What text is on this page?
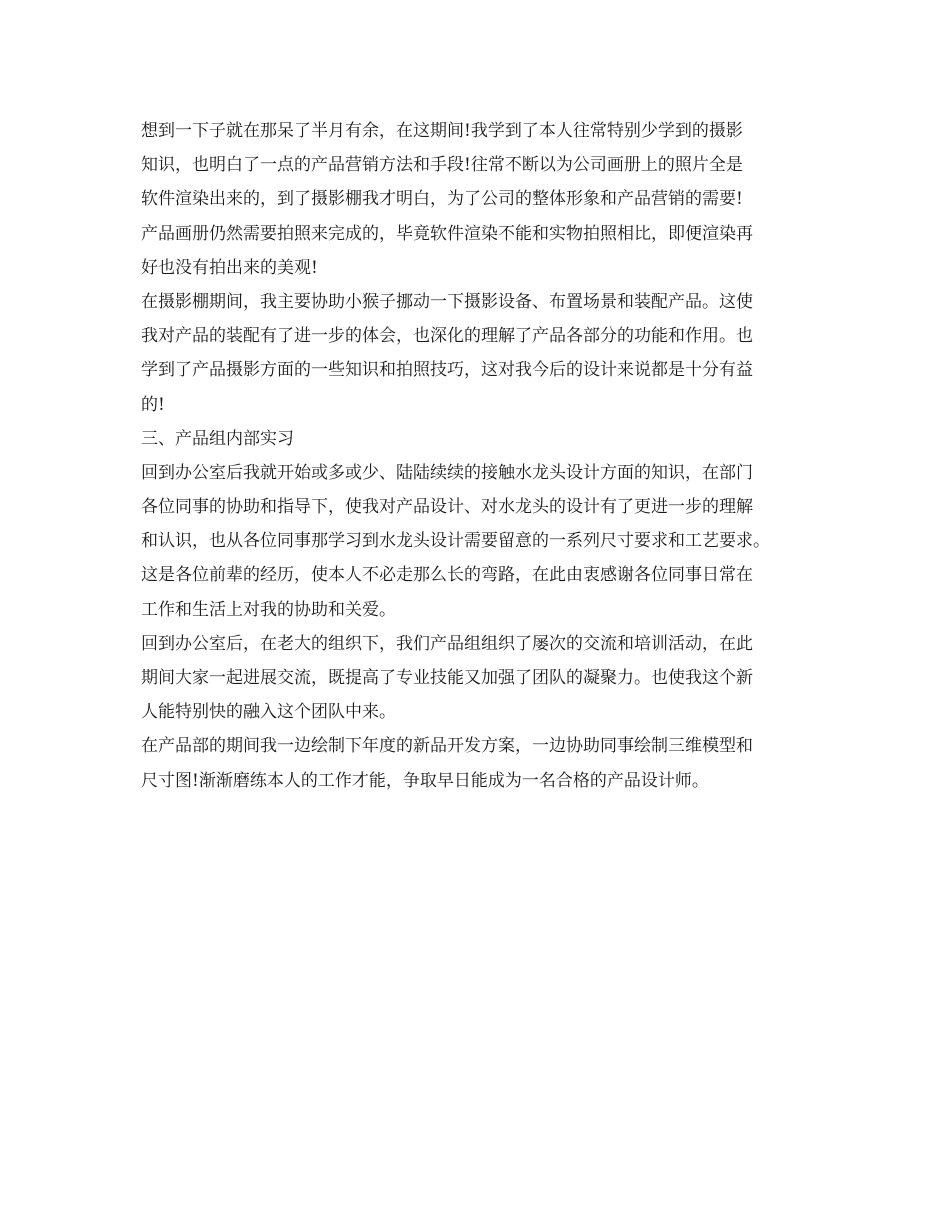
想到一下子就在那呆了半月有余，在这期间!我学到了本人往常特别少学到的摄影

知识，也明白了一点的产品营销方法和手段!往常不断以为公司画册上的照片全是

软件渲染出来的，到了摄影棚我才明白，为了公司的整体形象和产品营销的需要!

产品画册仍然需要拍照来完成的，毕竟软件渲染不能和实物拍照相比，即便渲染再

好也没有拍出来的美观!

在摄影棚期间，我主要协助小猴子挪动一下摄影设备、布置场景和装配产品。这使

我对产品的装配有了进一步的体会，也深化的理解了产品各部分的功能和作用。也

学到了产品摄影方面的一些知识和拍照技巧，这对我今后的设计来说都是十分有益

的!

三、产品组内部实习

回到办公室后我就开始或多或少、陆陆续续的接触水龙头设计方面的知识，在部门

各位同事的协助和指导下，使我对产品设计、对水龙头的设计有了更进一步的理解

和认识，也从各位同事那学习到水龙头设计需要留意的一系列尺寸要求和工艺要求。

这是各位前辈的经历，使本人不必走那么长的弯路，在此由衷感谢各位同事日常在

工作和生活上对我的协助和关爱。

回到办公室后，在老大的组织下，我们产品组组织了屡次的交流和培训活动，在此

期间大家一起进展交流，既提高了专业技能又加强了团队的凝聚力。也使我这个新

人能特别快的融入这个团队中来。

在产品部的期间我一边绘制下年度的新品开发方案，一边协助同事绘制三维模型和

尺寸图!渐渐磨练本人的工作才能，争取早日能成为一名合格的产品设计师。
